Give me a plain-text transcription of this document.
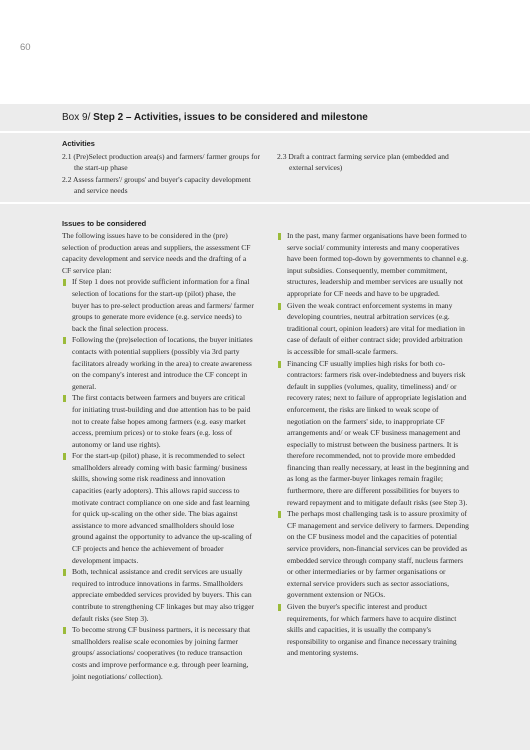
60
Box 9/ Step 2 – Activities, issues to be considered and milestone
Activities
2.1 (Pre)Select production area(s) and farmers/ farmer groups for the start-up phase
2.2 Assess farmers'/ groups' and buyer's capacity development and service needs
2.3 Draft a contract farming service plan (embedded and external services)
Issues to be considered

The following issues have to be considered in the (pre) selection of production areas and suppliers, the assessment CF capacity development and service needs and the drafting of a CF service plan:

If Step 1 does not provide sufficient information for a final selection of locations for the start-up (pilot) phase, the buyer has to pre-select production areas and farmers/ farmer groups to generate more evidence (e.g. service needs) to back the final selection process.
Following the (pre)selection of locations, the buyer initiates contacts with potential suppliers (possibly via 3rd party facilitators already working in the area) to create awareness on the company's interest and introduce the CF concept in general.
The first contacts between farmers and buyers are critical for initiating trust-building and due attention has to be paid not to create false hopes among farmers (e.g. easy market access, premium prices) or to stoke fears (e.g. loss of autonomy or land use rights).
For the start-up (pilot) phase, it is recommended to select smallholders already coming with basic farming/ business skills, showing some risk readiness and innovation capacities (early adopters). This allows rapid success to motivate contract compliance on one side and fast learning for quick up-scaling on the other side. The bias against assistance to more advanced smallholders should lose ground against the opportunity to advance the up-scaling of CF projects and hence the achievement of broader development impacts.
Both, technical assistance and credit services are usually required to introduce innovations in farms. Smallholders appreciate embedded services provided by buyers. This can contribute to strengthening CF linkages but may also trigger default risks (see Step 3).
To become strong CF business partners, it is necessary that smallholders realise scale economies by joining farmer groups/ associations/ cooperatives (to reduce transaction costs and improve performance e.g. through peer learning, joint negotiations/ collection).
In the past, many farmer organisations have been formed to serve social/ community interests and many cooperatives have been formed top-down by governments to channel e.g. input subsidies. Consequently, member commitment, structures, leadership and member services are usually not appropriate for CF needs and have to be upgraded.
Given the weak contract enforcement systems in many developing countries, neutral arbitration services (e.g. traditional court, opinion leaders) are vital for mediation in case of default of either contract side; provided arbitration is accessible for small-scale farmers.
Financing CF usually implies high risks for both co-contractors: farmers risk over-indebtedness and buyers risk default in supplies (volumes, quality, timeliness) and/ or recovery rates; next to failure of appropriate legislation and enforcement, the risks are linked to weak scope of negotiation on the farmers' side, to inappropriate CF arrangements and/ or weak CF business management and especially to mistrust between the business partners. It is therefore recommended, not to provide more embedded financing than really necessary, at least in the beginning and as long as the farmer-buyer linkages remain fragile; furthermore, there are different possibilities for buyers to reward repayment and to mitigate default risks (see Step 3).
The perhaps most challenging task is to assure proximity of CF management and service delivery to farmers. Depending on the CF business model and the capacities of potential service providers, non-financial services can be provided as embedded service through company staff, nucleus farmers or other intermediaries or by farmer organisations or external service providers such as sector associations, government extension or NGOs.
Given the buyer's specific interest and product requirements, for which farmers have to acquire distinct skills and capacities, it is usually the company's responsibility to organise and finance necessary training and mentoring systems.
